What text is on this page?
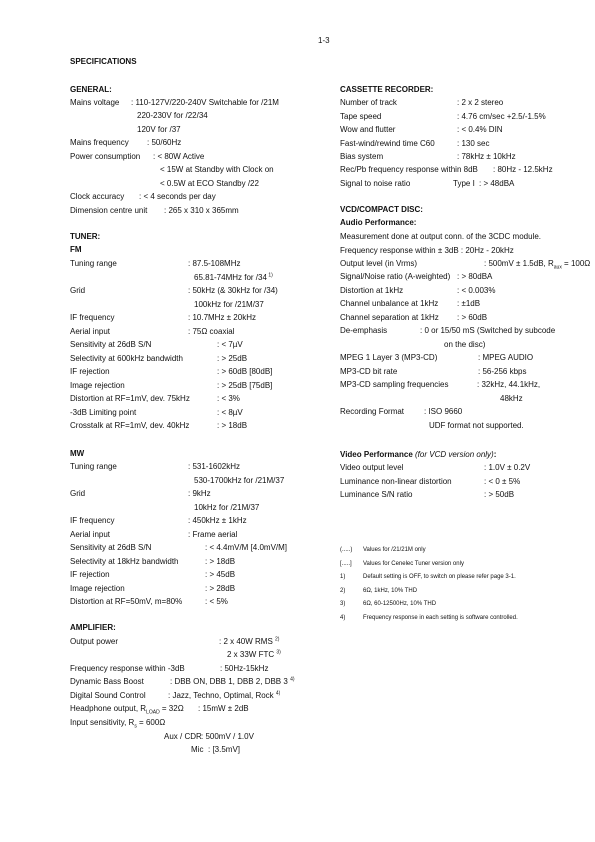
1-3
SPECIFICATIONS
GENERAL:
Mains voltage : 110-127V/220-240V Switchable for /21M
220-230V for /22/34
120V for /37
Mains frequency : 50/60Hz
Power consumption : < 80W Active
< 15W at Standby with Clock on
< 0.5W at ECO Standby /22
Clock accuracy : < 4 seconds per day
Dimension centre unit : 265 x 310 x 365mm
TUNER:
FM
Tuning range	: 87.5-108MHz
65.81-74MHz for /34 $^{1)}$
Grid	: 50kHz (& 30kHz for /34)
100kHz for /21M/37
IF frequency	: 10.7MHz ± 20kHz
Aerial input	: 75Ω coaxial
Sensitivity at 26dB S/N	: < 7µV
Selectivity at 600kHz bandwidth	: > 25dB
IF rejection	: > 60dB [80dB]
Image rejection	: > 25dB [75dB]
Distortion at RF=1mV, dev. 75kHz	: < 3%
-3dB Limiting point	: < 8µV
Crosstalk at RF=1mV, dev. 40kHz	: > 18dB
MW
Tuning range	: 531-1602kHz
530-1700kHz for /21M/37
Grid	: 9kHz
10kHz for /21M/37
IF frequency	: 450kHz ± 1kHz
Aerial input	: Frame aerial
Sensitivity at 26dB S/N	: < 4.4mV/M [4.0mV/M]
Selectivity at 18kHz bandwidth	: > 18dB
IF rejection	: > 45dB
Image rejection	: > 28dB
Distortion at RF=50mV, m=80%	: < 5%
AMPLIFIER:
Output power	: 2 x 40W RMS $^{2)}$
2 x 33W FTC $^{3)}$
Frequency response within -3dB	: 50Hz-15kHz
Dynamic Bass Boost	: DBB ON, DBB 1, DBB 2, DBB 3 $^{4)}$
Digital Sound Control	: Jazz, Techno, Optimal, Rock $^{4)}$
Headphone output, $R_{LOAD} = 32\Omega$ : 15mW ± 2dB
Input sensitivity, $R_s = 600\Omega$
Aux / CDR : 500mV / 1.0V
Mic : [3.5mV]
CASSETTE RECORDER:
Number of track	: 2 x 2 stereo
Tape speed	: 4.76 cm/sec +2.5/-1.5%
Wow and flutter	: < 0.4% DIN
Fast-wind/rewind time C60	: 130 sec
Bias system	: 78kHz ± 10kHz
Rec/Pb frequency response within 8dB : 80Hz - 12.5kHz
Signal to noise ratio	Type I : > 48dBA
VCD/COMPACT DISC:
Audio Performance:
Measurement done at output conn. of the 3CDC module.
Frequency response within ± 3dB : 20Hz - 20kHz
Output level (in Vrms)	: 500mV ± 1.5dB, $R_{aux} = 100\Omega$
Signal/Noise ratio (A-weighted) : > 80dBA
Distortion at 1kHz	: < 0.003%
Channel unbalance at 1kHz : ±1dB
Channel separation at 1kHz : > 60dB
De-emphasis	: 0 or 15/50 mS (Switched by subcode
on the disc)
MPEG 1 Layer 3 (MP3-CD)	: MPEG AUDIO
MP3-CD bit rate	: 56-256 kbps
MP3-CD sampling frequencies	: 32kHz, 44.1kHz,
48kHz
Recording Format : ISO 9660
UDF format not supported.
Video Performance (for VCD version only):
Video output level	: 1.0V ± 0.2V
Luminance non-linear distortion	: < 0 ± 5%
Luminance S/N ratio	: > 50dB
(.....) Values for /21/21M only
[.....] Values for Cenelec Tuner version only
1)	Default setting is OFF, to switch on please refer page 3-1.
2)	6Ω, 1kHz, 10% THD
3)	6Ω, 60-12500Hz, 10% THD
4)	Frequency response in each setting is software controlled.
